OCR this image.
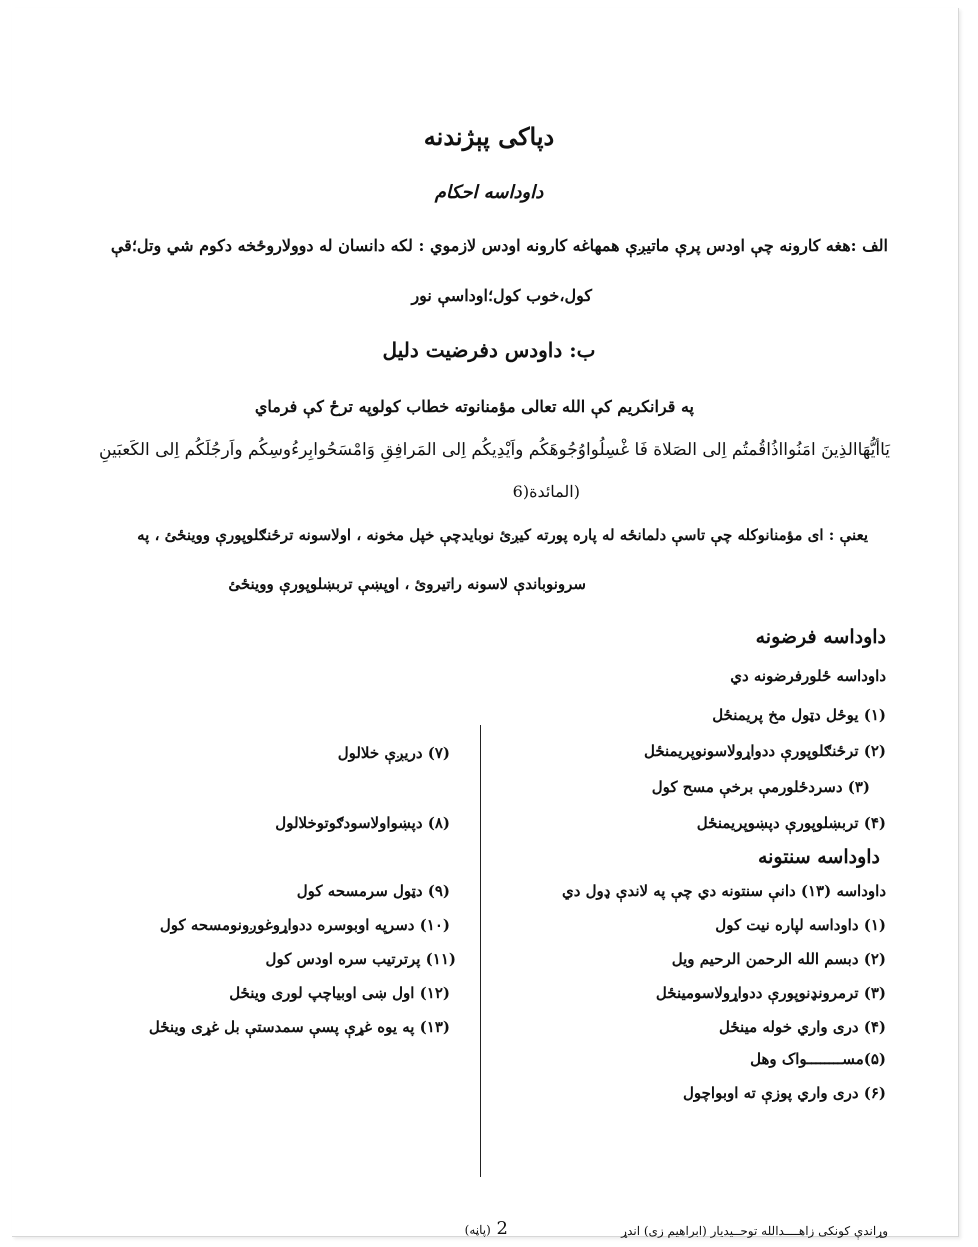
دپاکی پېژندنه
داوداسه احکام
الف :هغه کارونه چې اودس پرې ماتیږې همهاغه کارونه اودس لازموي : لکه دانسان له دوولاروځخه دکوم شي وتل؛قې
کول،خوب کول؛اوداسې نور
ب: داودس دفرضیت دلیل
په قرانکریم کې الله تعالی مؤمنانوته خطاب کولوپه ترځ کې فرماي
يَاأيُّهَاالذِينَ امَنُوااذُاقُمتُم اِلى الصَلاة فَا غْسِلُواوُجُوهَكُم واَيْدِيكُم اِلى المَرافِقِ وَامْسَحُوابِرءُوسِكُم واَرجُلَكُم اِلى الكَعبَينِ
(المائدة(6
یعنې : ای مؤمنانوکله چې تاسې دلمانځه له پاره پورته کیږئ نوبایدچې خپل مخونه ، اولاسونه ترځنګلوپورې ووینځئ ، په
سرونوباندې لاسونه راتیروئ ، اوپښې تربښلوپورې ووینځئ
داوداسه فرضونه
داوداسه ځلورفرضونه دي
(۱) یوځل دټول مخ پریمنځل
(۲) ترځنګلوپورې ددواړولاسونوپریمنځل
(۳) دسردځلورمې برخې مسح کول
(۴) تربښلوپورې دپښوپریمنځل
داوداسه سنتونه
داوداسه (۱۳) دانې سنتونه دي چې په لاندې ډول دي
(۱) داوداسه لپاره نیت کول
(۲) دبسم الله الرحمن الرحیم ویل
(۳) ترمرونډنوپورې ددواړولاسومینځل
(۴) دری واري خوله مینځل
(۵)مســــــــواک وهل
(۶) دری واري پوزې ته اوبواچول
(۷) دریږې خلالول
(۸) دپښواولاسودګوتوخلالول
(۹) دټول سرمسحه کول
(۱۰) دسرپه اوبوسره ددواړوغوږونومسحه کول
(۱۱) پرترتیب سره اودس کول
(۱۲) اول ښی اوبیاچپ لوری وینځل
(۱۳) په یوه غړې پسې سمدستې بل غړی وینځل
وړاندې کونکی زاهــــدالله توحــیدیار (ابراهیم زی) اندړ
(پاڼه) 2
